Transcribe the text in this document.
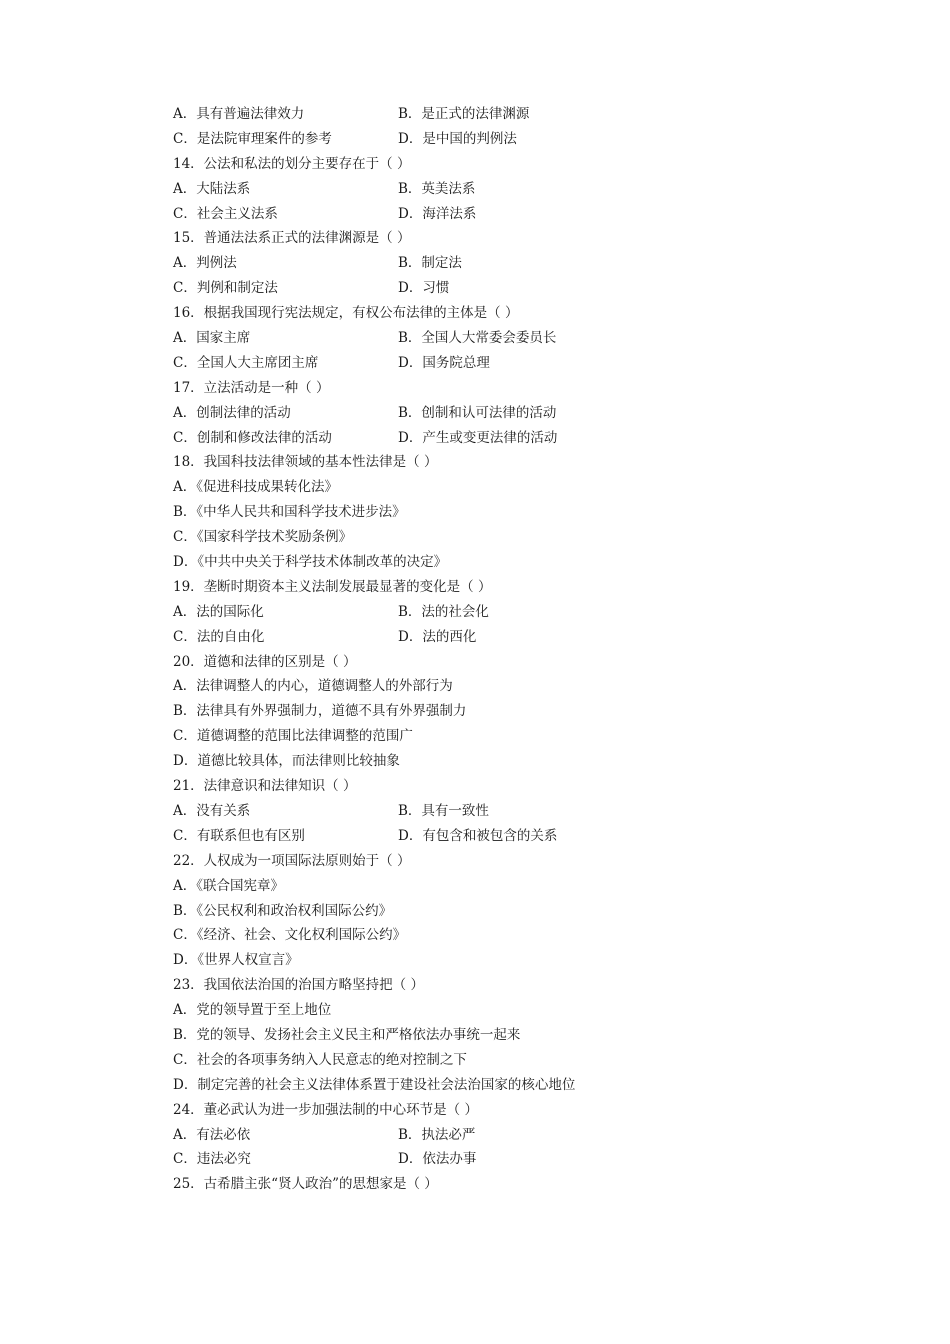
A．具有普遍法律效力	B．是正式的法律渊源
C．是法院审理案件的参考	D．是中国的判例法
14．公法和私法的划分主要存在于（ ）
A．大陆法系	B．英美法系
C．社会主义法系	D．海洋法系
15．普通法法系正式的法律渊源是（ ）
A．判例法	B．制定法
C．判例和制定法	D．习惯
16．根据我国现行宪法规定，有权公布法律的主体是（ ）
A．国家主席	B．全国人大常委会委员长
C．全国人大主席团主席	D．国务院总理
17．立法活动是一种（ ）
A．创制法律的活动	B．创制和认可法律的活动
C．创制和修改法律的活动	D．产生或变更法律的活动
18．我国科技法律领域的基本性法律是（ ）
A．《促进科技成果转化法》
B．《中华人民共和国科学技术进步法》
C．《国家科学技术奖励条例》
D．《中共中央关于科学技术体制改革的决定》
19．垄断时期资本主义法制发展最显著的变化是（ ）
A．法的国际化	B．法的社会化
C．法的自由化	D．法的西化
20．道德和法律的区别是（ ）
A．法律调整人的内心，道德调整人的外部行为
B．法律具有外界强制力，道德不具有外界强制力
C．道德调整的范围比法律调整的范围广
D．道德比较具体，而法律则比较抽象
21．法律意识和法律知识（ ）
A．没有关系	B．具有一致性
C．有联系但也有区别	D．有包含和被包含的关系
22．人权成为一项国际法原则始于（ ）
A．《联合国宪章》
B．《公民权利和政治权利国际公约》
C．《经济、社会、文化权利国际公约》
D．《世界人权宣言》
23．我国依法治国的治国方略坚持把（ ）
A．党的领导置于至上地位
B．党的领导、发扬社会主义民主和严格依法办事统一起来
C．社会的各项事务纳入人民意志的绝对控制之下
D．制定完善的社会主义法律体系置于建设社会法治国家的核心地位
24．董必武认为进一步加强法制的中心环节是（ ）
A．有法必依	B．执法必严
C．违法必究	D．依法办事
25．古希腊主张“贤人政治”的思想家是（ ）
